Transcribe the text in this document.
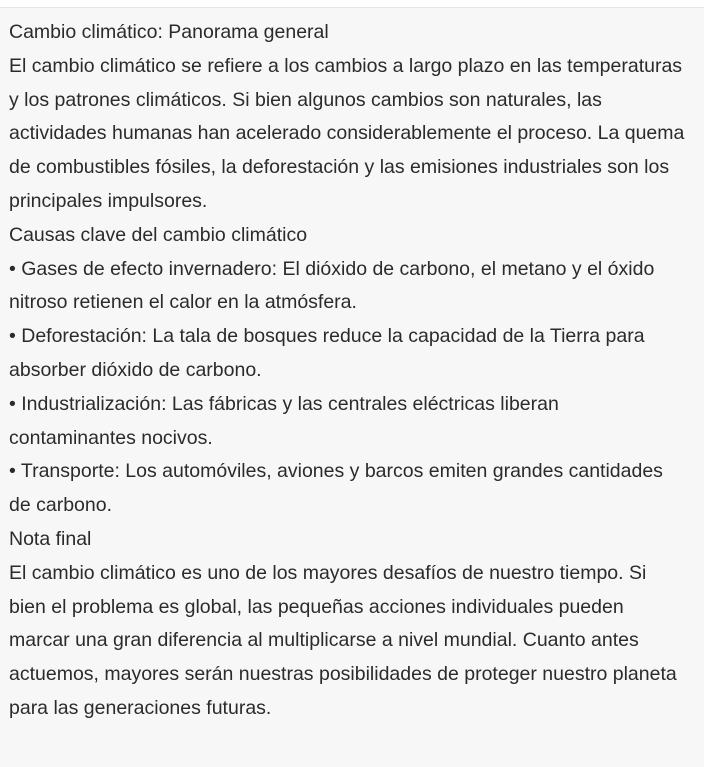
Cambio climático: Panorama general

El cambio climático se refiere a los cambios a largo plazo en las temperaturas y los patrones climáticos. Si bien algunos cambios son naturales, las actividades humanas han acelerado considerablemente el proceso. La quema de combustibles fósiles, la deforestación y las emisiones industriales son los principales impulsores.

Causas clave del cambio climático

• Gases de efecto invernadero: El dióxido de carbono, el metano y el óxido nitroso retienen el calor en la atmósfera.

• Deforestación: La tala de bosques reduce la capacidad de la Tierra para absorber dióxido de carbono.

• Industrialización: Las fábricas y las centrales eléctricas liberan contaminantes nocivos.

• Transporte: Los automóviles, aviones y barcos emiten grandes cantidades de carbono.

Nota final

El cambio climático es uno de los mayores desafíos de nuestro tiempo. Si bien el problema es global, las pequeñas acciones individuales pueden marcar una gran diferencia al multiplicarse a nivel mundial. Cuanto antes actuemos, mayores serán nuestras posibilidades de proteger nuestro planeta para las generaciones futuras.
